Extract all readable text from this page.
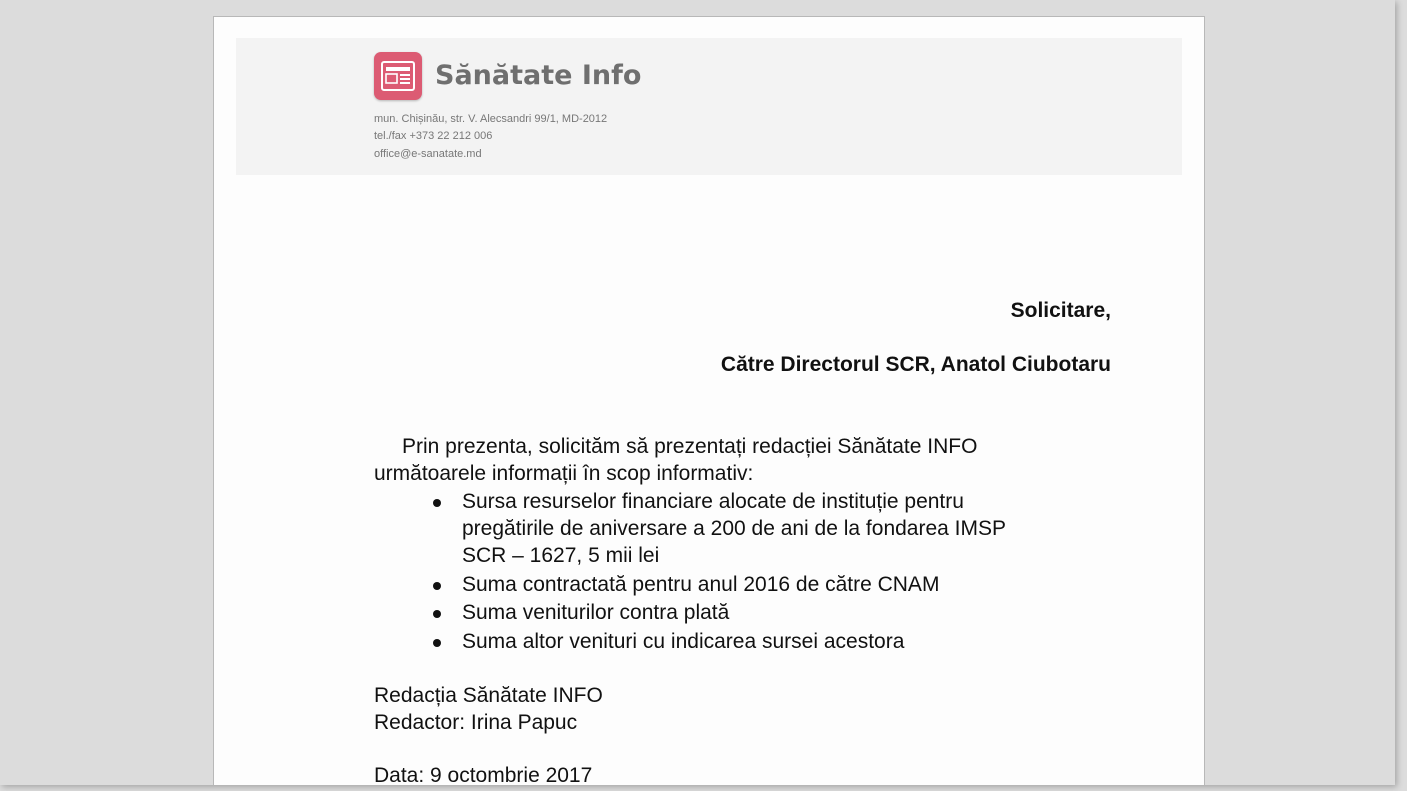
Sănătate Info
mun. Chișinău, str. V. Alecsandri 99/1, MD-2012
tel./fax +373 22 212 006
office@e-sanatate.md
Solicitare,
Către Directorul SCR, Anatol Ciubotaru
Prin prezenta, solicităm să prezentați redacției Sănătate INFO
următoarele informații în scop informativ:
Sursa resurselor financiare alocate de instituție pentru
pregătirile de aniversare a 200 de ani de la fondarea IMSP
SCR – 1627, 5 mii lei
Suma contractată pentru anul 2016 de către CNAM
Suma veniturilor contra plată
Suma altor venituri cu indicarea sursei acestora
Redacția Sănătate INFO
Redactor: Irina Papuc
Data: 9 octombrie 2017
